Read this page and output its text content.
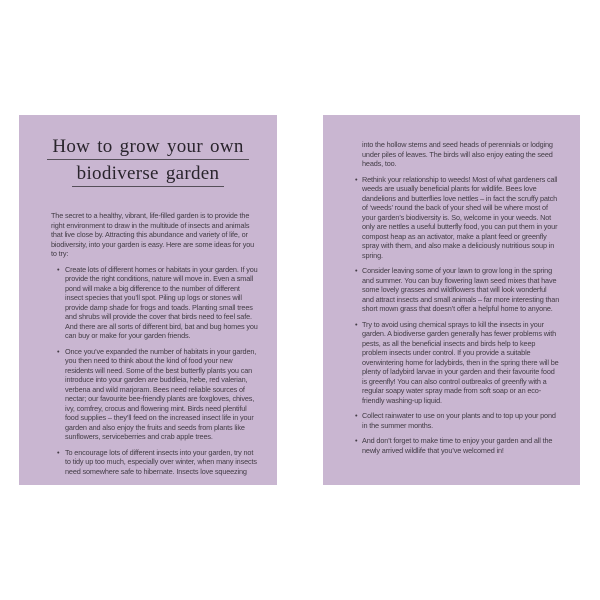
How to grow your own
biodiverse garden

The secret to a healthy, vibrant, life-filled garden is to provide the right environment to draw in the multitude of insects and animals that live close by. Attracting this abundance and variety of life, or biodiversity, into your garden is easy. Here are some ideas for you to try:

• Create lots of different homes or habitats in your garden. If you provide the right conditions, nature will move in. Even a small pond will make a big difference to the number of different insect species that you’ll spot. Piling up logs or stones will provide damp shade for frogs and toads. Planting small trees and shrubs will provide the cover that birds need to feel safe. And there are all sorts of different bird, bat and bug homes you can buy or make for your garden friends.
• Once you’ve expanded the number of habitats in your garden, you then need to think about the kind of food your new residents will need. Some of the best butterfly plants you can introduce into your garden are buddleia, hebe, red valerian, verbena and wild marjoram. Bees need reliable sources of nectar; our favourite bee-friendly plants are foxgloves, chives, ivy, comfrey, crocus and flowering mint. Birds need plentiful food supplies – they’ll feed on the increased insect life in your garden and also enjoy the fruits and seeds from plants like sunflowers, serviceberries and crab apple trees.
• To encourage lots of different insects into your garden, try not to tidy up too much, especially over winter, when many insects need somewhere safe to hibernate. Insects love squeezing

into the hollow stems and seed heads of perennials or lodging under piles of leaves. The birds will also enjoy eating the seed heads, too.

• Rethink your relationship to weeds! Most of what gardeners call weeds are usually beneficial plants for wildlife. Bees love dandelions and butterflies love nettles – in fact the scruffy patch of ‘weeds’ round the back of your shed will be where most of your garden’s biodiversity is. So, welcome in your weeds. Not only are nettles a useful butterfly food, you can put them in your compost heap as an activator, make a plant feed or greenfly spray with them, and also make a deliciously nutritious soup in spring.
• Consider leaving some of your lawn to grow long in the spring and summer. You can buy flowering lawn seed mixes that have some lovely grasses and wildflowers that will look wonderful and attract insects and small animals – far more interesting than short mown grass that doesn’t offer a helpful home to anyone.
• Try to avoid using chemical sprays to kill the insects in your garden. A biodiverse garden generally has fewer problems with pests, as all the beneficial insects and birds help to keep problem insects under control. If you provide a suitable overwintering home for ladybirds, then in the spring there will be plenty of ladybird larvae in your garden and their favourite food is greenfly! You can also control outbreaks of greenfly with a regular soapy water spray made from soft soap or an eco-friendly washing-up liquid.
• Collect rainwater to use on your plants and to top up your pond in the summer months.
• And don’t forget to make time to enjoy your garden and all the newly arrived wildlife that you’ve welcomed in!
